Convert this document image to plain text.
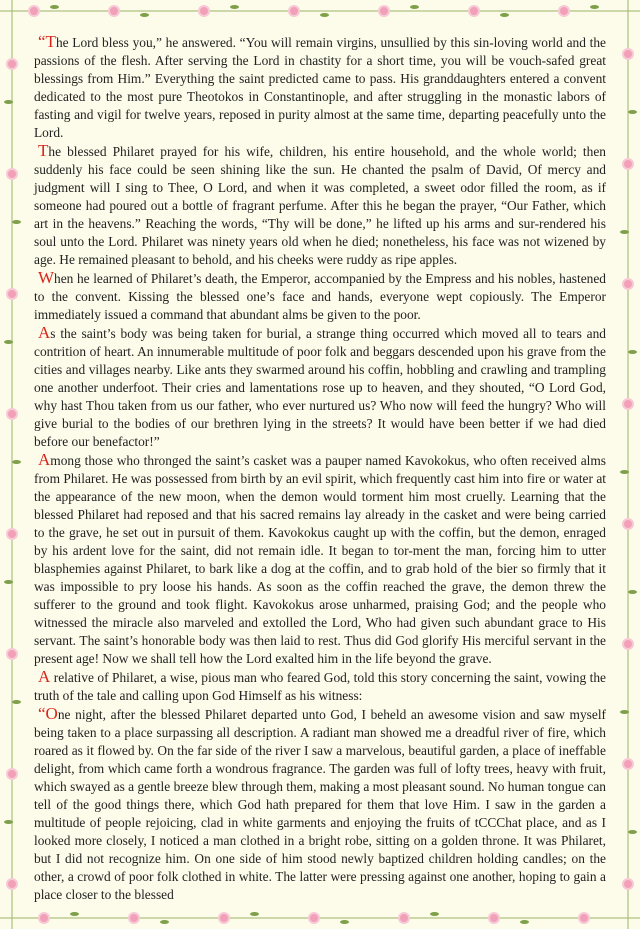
“The Lord bless you,” he answered. “You will remain virgins, unsullied by this sin-loving world and the passions of the flesh. After serving the Lord in chastity for a short time, you will be vouch-safed great blessings from Him.” Everything the saint predicted came to pass. His granddaughters entered a convent dedicated to the most pure Theotokos in Constantinople, and after struggling in the monastic labors of fasting and vigil for twelve years, reposed in purity almost at the same time, departing peacefully unto the Lord.

The blessed Philaret prayed for his wife, children, his entire household, and the whole world; then suddenly his face could be seen shining like the sun. He chanted the psalm of David, Of mercy and judgment will I sing to Thee, O Lord, and when it was completed, a sweet odor filled the room, as if someone had poured out a bottle of fragrant perfume. After this he began the prayer, “Our Father, which art in the heavens.” Reaching the words, “Thy will be done,” he lifted up his arms and sur-rendered his soul unto the Lord. Philaret was ninety years old when he died; nonetheless, his face was not wizened by age. He remained pleasant to behold, and his cheeks were ruddy as ripe apples.

When he learned of Philaret’s death, the Emperor, accompanied by the Empress and his nobles, hastened to the convent. Kissing the blessed one’s face and hands, everyone wept copiously. The Emperor immediately issued a command that abundant alms be given to the poor.

As the saint’s body was being taken for burial, a strange thing occurred which moved all to tears and contrition of heart. An innumerable multitude of poor folk and beggars descended upon his grave from the cities and villages nearby. Like ants they swarmed around his coffin, hobbling and crawling and trampling one another underfoot. Their cries and lamentations rose up to heaven, and they shouted, “O Lord God, why hast Thou taken from us our father, who ever nurtured us? Who now will feed the hungry? Who will give burial to the bodies of our brethren lying in the streets? It would have been better if we had died before our benefactor!”

Among those who thronged the saint’s casket was a pauper named Kavokokus, who often received alms from Philaret. He was possessed from birth by an evil spirit, which frequently cast him into fire or water at the appearance of the new moon, when the demon would torment him most cruelly. Learning that the blessed Philaret had reposed and that his sacred remains lay already in the casket and were being carried to the grave, he set out in pursuit of them. Kavokokus caught up with the coffin, but the demon, enraged by his ardent love for the saint, did not remain idle. It began to tor-ment the man, forcing him to utter blasphemies against Philaret, to bark like a dog at the coffin, and to grab hold of the bier so firmly that it was impossible to pry loose his hands. As soon as the coffin reached the grave, the demon threw the sufferer to the ground and took flight. Kavokokus arose unharmed, praising God; and the people who witnessed the miracle also marveled and extolled the Lord, Who had given such abundant grace to His servant. The saint’s honorable body was then laid to rest. Thus did God glorify His merciful servant in the present age! Now we shall tell how the Lord exalted him in the life beyond the grave.

A relative of Philaret, a wise, pious man who feared God, told this story concerning the saint, vowing the truth of the tale and calling upon God Himself as his witness:

“One night, after the blessed Philaret departed unto God, I beheld an awesome vision and saw myself being taken to a place surpassing all description. A radiant man showed me a dreadful river of fire, which roared as it flowed by. On the far side of the river I saw a marvelous, beautiful garden, a place of ineffable delight, from which came forth a wondrous fragrance. The garden was full of lofty trees, heavy with fruit, which swayed as a gentle breeze blew through them, making a most pleasant sound. No human tongue can tell of the good things there, which God hath prepared for them that love Him. I saw in the garden a multitude of people rejoicing, clad in white garments and enjoying the fruits of tCCChat place, and as I looked more closely, I noticed a man clothed in a bright robe, sitting on a golden throne. It was Philaret, but I did not recognize him. On one side of him stood newly baptized children holding candles; on the other, a crowd of poor folk clothed in white. The latter were pressing against one another, hoping to gain a place closer to the blessed
